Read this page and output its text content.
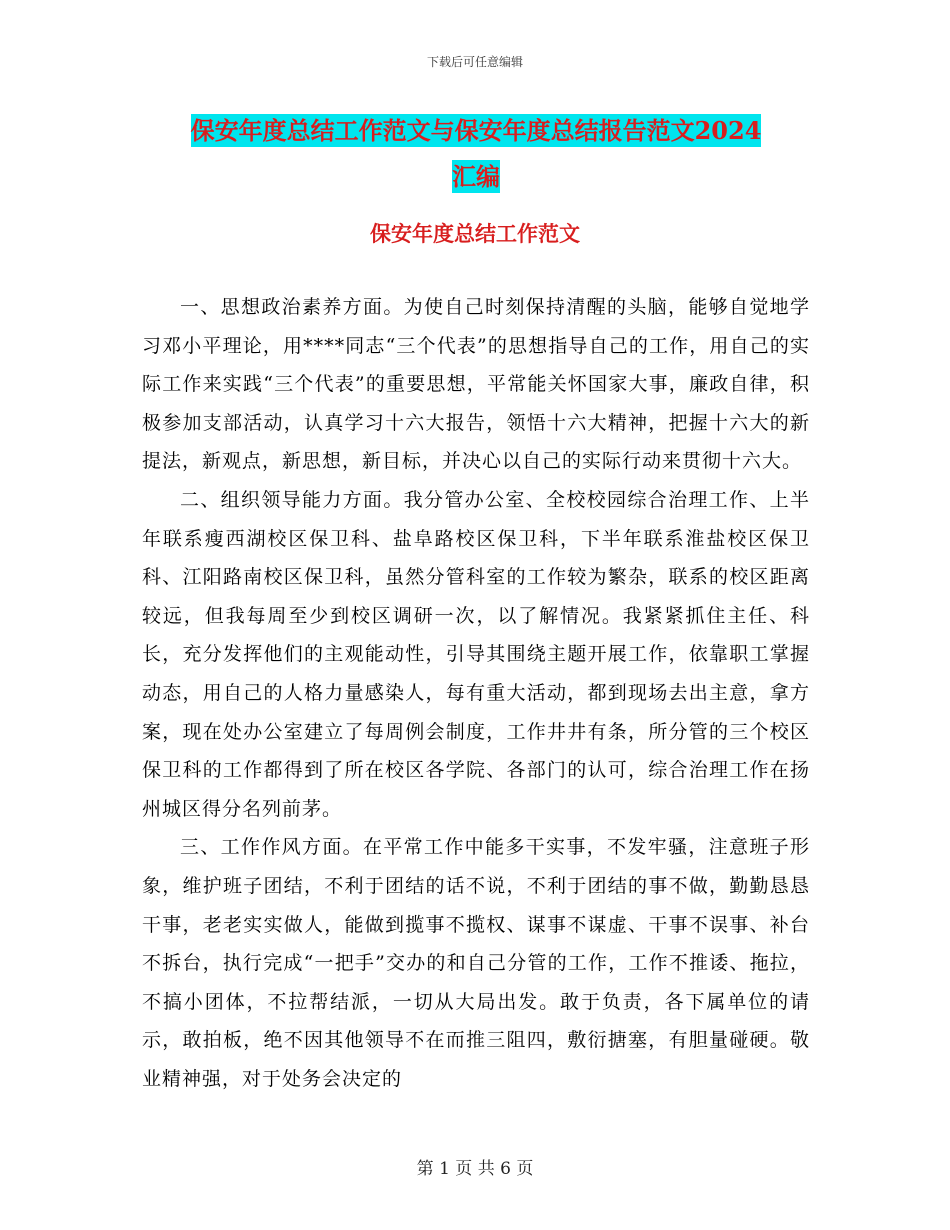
下载后可任意编辑
保安年度总结工作范文与保安年度总结报告范文2024
汇编
保安年度总结工作范文

一、思想政治素养方面。为使自己时刻保持清醒的头脑，能够自觉地学习邓小平理论，用****同志“三个代表”的思想指导自己的工作，用自己的实际工作来实践“三个代表”的重要思想，平常能关怀国家大事，廉政自律，积极参加支部活动，认真学习十六大报告，领悟十六大精神，把握十六大的新提法，新观点，新思想，新目标，并决心以自己的实际行动来贯彻十六大。

二、组织领导能力方面。我分管办公室、全校校园综合治理工作、上半年联系瘦西湖校区保卫科、盐阜路校区保卫科，下半年联系淮盐校区保卫科、江阳路南校区保卫科，虽然分管科室的工作较为繁杂，联系的校区距离较远，但我每周至少到校区调研一次，以了解情况。我紧紧抓住主任、科长，充分发挥他们的主观能动性，引导其围绕主题开展工作，依靠职工掌握动态，用自己的人格力量感染人，每有重大活动，都到现场去出主意，拿方案，现在处办公室建立了每周例会制度，工作井井有条，所分管的三个校区保卫科的工作都得到了所在校区各学院、各部门的认可，综合治理工作在扬州城区得分名列前茅。

三、工作作风方面。在平常工作中能多干实事，不发牢骚，注意班子形象，维护班子团结，不利于团结的话不说，不利于团结的事不做，勤勤恳恳干事，老老实实做人，能做到揽事不揽权、谋事不谋虚、干事不误事、补台不拆台，执行完成“一把手”交办的和自己分管的工作，工作不推诿、拖拉，不搞小团体，不拉帮结派，一切从大局出发。敢于负责，各下属单位的请示，敢拍板，绝不因其他领导不在而推三阻四，敷衍搪塞，有胆量碰硬。敬业精神强，对于处务会决定的

第 1 页 共 6 页
